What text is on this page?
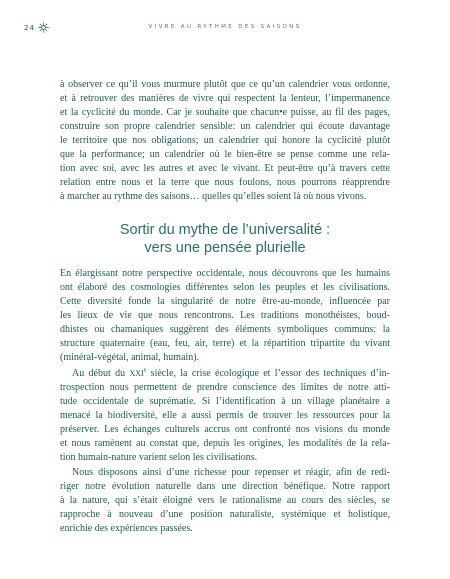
24	VIVRE AU RYTHME DES SAISONS
à observer ce qu’il vous murmure plutôt que ce qu’un calendrier vous ordonne,
et à retrouver des manières de vivre qui respectent la lenteur, l’impermanence
et la cyclicité du monde. Car je souhaite que chacun•e puisse, au fil des pages,
construire son propre calendrier sensible: un calendrier qui écoute davantage
le territoire que nos obligations; un calendrier qui honore la cyclicité plutôt
que la performance; un calendrier où le bien-être se pense comme une rela-
tion avec soi, avec les autres et avec le vivant. Et peut-être qu’à travers cette
relation entre nous et la terre que nous foulons, nous pourrons réapprendre
à marcher au rythme des saisons… quelles qu’elles soient là où nous vivons.
Sortir du mythe de l’universalité :
vers une pensée plurielle
En élargissant notre perspective occidentale, nous découvrons que les humains
ont élaboré des cosmologies différentes selon les peuples et les civilisations.
Cette diversité fonde la singularité de notre être-au-monde, influencée par
les lieux de vie que nous rencontrons. Les traditions monothéistes, boud-
dhistes ou chamaniques suggèrent des éléments symboliques communs: la
structure quaternaire (eau, feu, air, terre) et la répartition tripartite du vivant
(minéral-végétal, animal, humain).
Au début du XXIe siècle, la crise écologique et l’essor des techniques d’in-
trospection nous permettent de prendre conscience des limites de notre atti-
tude occidentale de suprématie. Si l’identification à un village planétaire a
menacé la biodiversité, elle a aussi permis de trouver les ressources pour la
préserver. Les échanges culturels accrus ont confronté nos visions du monde
et nous ramènent au constat que, depuis les origines, les modalités de la rela-
tion humain-nature varient selon les civilisations.
Nous disposons ainsi d’une richesse pour repenser et réagir, afin de redi-
riger notre évolution naturelle dans une direction bénéfique. Notre rapport
à la nature, qui s’était éloigné vers le rationalisme au cours des siècles, se
rapproche à nouveau d’une position naturaliste, systémique et holistique,
enrichie des expériences passées.
